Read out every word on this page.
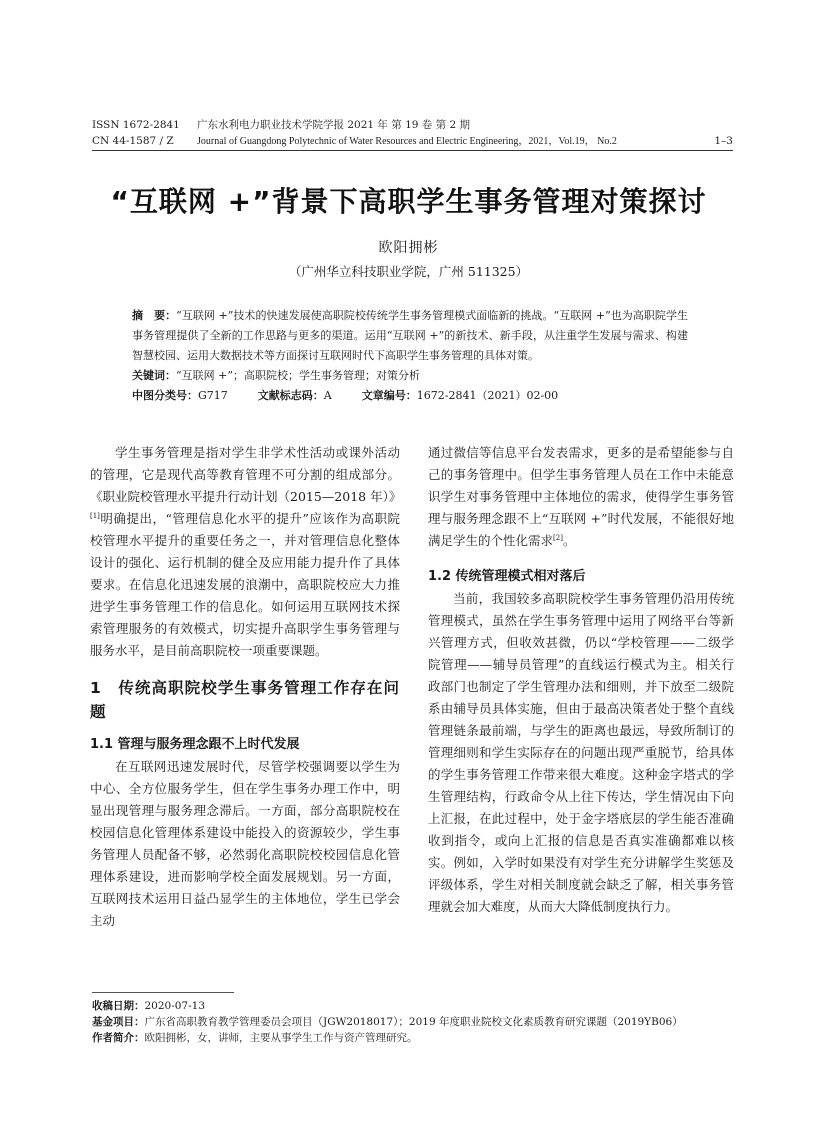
ISSN 1672-2841 广东水利电力职业技术学院学报 2021 年 第 19 卷 第 2 期
CN 44-1587 / Z Journal of Guangdong Polytechnic of Water Resources and Electric Engineering，2021，Vol.19， No.2	1–3
“互联网 +”背景下高职学生事务管理对策探讨
欧阳拥彬
（广州华立科技职业学院，广州 511325）

摘　要：“互联网 +”技术的快速发展使高职院校传统学生事务管理模式面临新的挑战。“互联网 +”也为高职院学生事务管理提供了全新的工作思路与更多的渠道。运用“互联网 +”的新技术、新手段，从注重学生发展与需求、构建智慧校园、运用大数据技术等方面探讨互联网时代下高职学生事务管理的具体对策。

关键词：“互联网 +”；高职院校；学生事务管理；对策分析

中图分类号：G717	文献标志码：A	文章编号：1672-2841（2021）02-00

学生事务管理是指对学生非学术性活动或课外活动的管理，它是现代高等教育管理不可分割的组成部分。《职业院校管理水平提升行动计划（2015—2018 年）》[1]明确提出，“管理信息化水平的提升”应该作为高职院校管理水平提升的重要任务之一，并对管理信息化整体设计的强化、运行机制的健全及应用能力提升作了具体要求。在信息化迅速发展的浪潮中，高职院校应大力推进学生事务管理工作的信息化。如何运用互联网技术探索管理服务的有效模式，切实提升高职学生事务管理与服务水平，是目前高职院校一项重要课题。

1　传统高职院校学生事务管理工作存在问题
1.1 管理与服务理念跟不上时代发展

在互联网迅速发展时代，尽管学校强调要以学生为中心、全方位服务学生，但在学生事务办理工作中，明显出现管理与服务理念滞后。一方面，部分高职院校在校园信息化管理体系建设中能投入的资源较少，学生事务管理人员配备不够，必然弱化高职院校校园信息化管理体系建设，进而影响学校全面发展规划。另一方面，互联网技术运用日益凸显学生的主体地位，学生已学会主动

通过微信等信息平台发表需求，更多的是希望能参与自己的事务管理中。但学生事务管理人员在工作中未能意识学生对事务管理中主体地位的需求，使得学生事务管理与服务理念跟不上“互联网 +”时代发展，不能很好地满足学生的个性化需求[2]。

1.2 传统管理模式相对落后

当前，我国较多高职院校学生事务管理仍沿用传统管理模式，虽然在学生事务管理中运用了网络平台等新兴管理方式，但收效甚微，仍以“学校管理——二级学院管理——辅导员管理”的直线运行模式为主。相关行政部门也制定了学生管理办法和细则，并下放至二级院系由辅导员具体实施，但由于最高决策者处于整个直线管理链条最前端，与学生的距离也最远，导致所制订的管理细则和学生实际存在的问题出现严重脱节，给具体的学生事务管理工作带来很大难度。这种金字塔式的学生管理结构，行政命令从上往下传达，学生情况由下向上汇报，在此过程中，处于金字塔底层的学生能否准确收到指令，或向上汇报的信息是否真实准确都难以核实。例如，入学时如果没有对学生充分讲解学生奖惩及评级体系，学生对相关制度就会缺乏了解，相关事务管理就会加大难度，从而大大降低制度执行力。

收稿日期：2020-07-13
基金项目：广东省高职教育教学管理委员会项目（JGW2018017）；2019 年度职业院校文化素质教育研究课题（2019YB06）
作者简介：欧阳拥彬，女，讲师，主要从事学生工作与资产管理研究。
